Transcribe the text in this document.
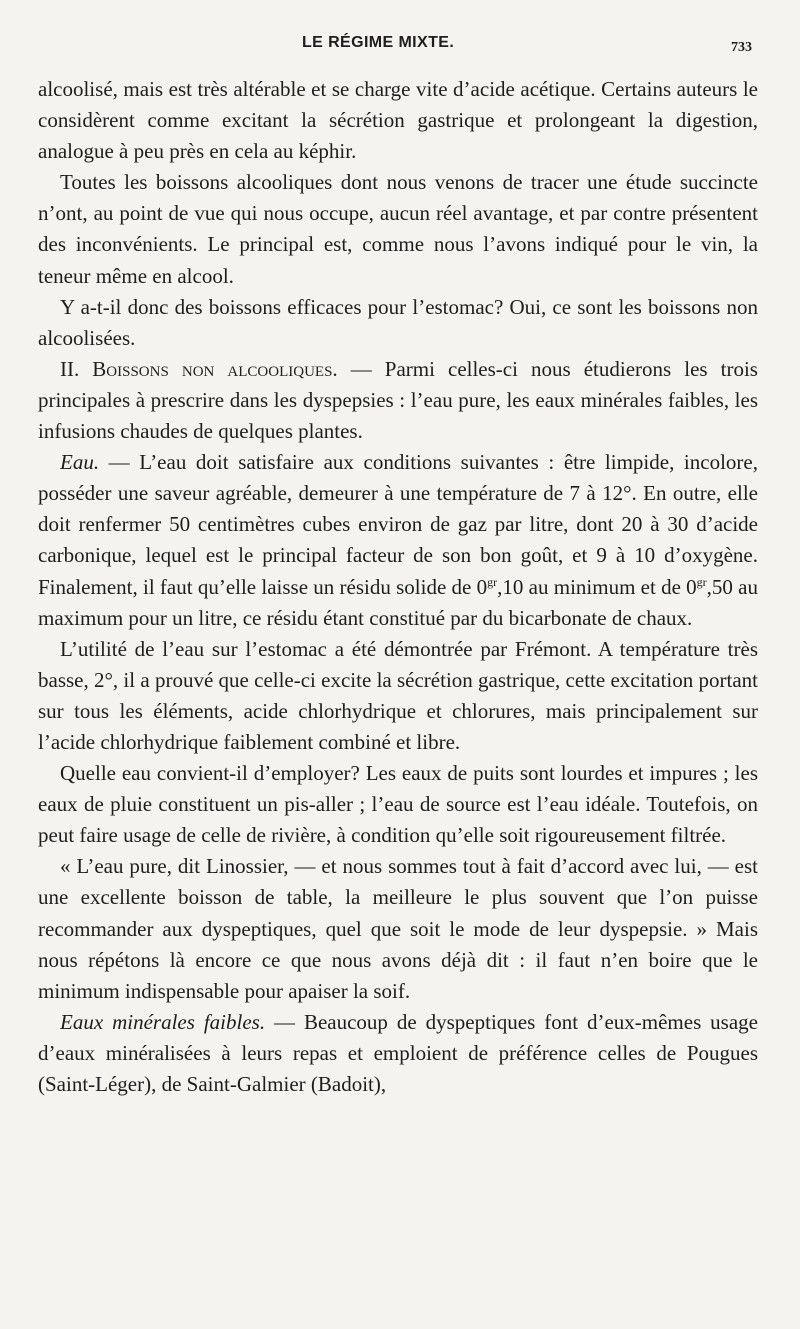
LE RÉGIME MIXTE.	733

alcoolisé, mais est très altérable et se charge vite d’acide acétique. Certains auteurs le considèrent comme excitant la sécrétion gastrique et prolongeant la digestion, analogue à peu près en cela au képhir.

Toutes les boissons alcooliques dont nous venons de tracer une étude succincte n’ont, au point de vue qui nous occupe, aucun réel avantage, et par contre présentent des inconvénients. Le principal est, comme nous l’avons indiqué pour le vin, la teneur même en alcool.

Y a-t-il donc des boissons efficaces pour l’estomac? Oui, ce sont les boissons non alcoolisées.

II. Boissons non alcooliques. — Parmi celles-ci nous étudierons les trois principales à prescrire dans les dyspepsies : l’eau pure, les eaux minérales faibles, les infusions chaudes de quelques plantes.

Eau. — L’eau doit satisfaire aux conditions suivantes : être limpide, incolore, posséder une saveur agréable, demeurer à une température de 7 à 12°. En outre, elle doit renfermer 50 centimètres cubes environ de gaz par litre, dont 20 à 30 d’acide carbonique, lequel est le principal facteur de son bon goût, et 9 à 10 d’oxygène. Finalement, il faut qu’elle laisse un résidu solide de $0^{gr},10$ au minimum et de $0^{gr},50$ au maximum pour un litre, ce résidu étant constitué par du bicarbonate de chaux.

L’utilité de l’eau sur l’estomac a été démontrée par Frémont. A température très basse, 2°, il a prouvé que celle-ci excite la sécrétion gastrique, cette excitation portant sur tous les éléments, acide chlorhydrique et chlorures, mais principalement sur l’acide chlorhydrique faiblement combiné et libre.

Quelle eau convient-il d’employer? Les eaux de puits sont lourdes et impures ; les eaux de pluie constituent un pis-aller ; l’eau de source est l’eau idéale. Toutefois, on peut faire usage de celle de rivière, à condition qu’elle soit rigoureusement filtrée.

« L’eau pure, dit Linossier, — et nous sommes tout à fait d’accord avec lui, — est une excellente boisson de table, la meilleure le plus souvent que l’on puisse recommander aux dyspeptiques, quel que soit le mode de leur dyspepsie. » Mais nous répétons là encore ce que nous avons déjà dit : il faut n’en boire que le minimum indispensable pour apaiser la soif.

Eaux minérales faibles. — Beaucoup de dyspeptiques font d’eux-mêmes usage d’eaux minéralisées à leurs repas et emploient de préférence celles de Pougues (Saint-Léger), de Saint-Galmier (Badoit),
